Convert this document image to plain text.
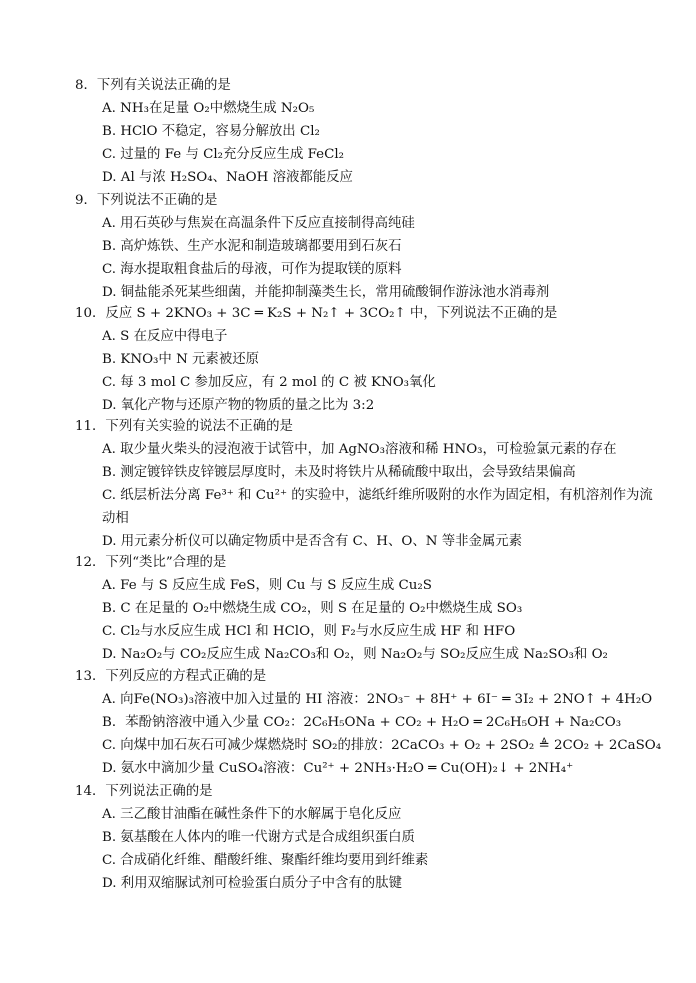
8．下列有关说法正确的是
A. NH₃在足量 O₂中燃烧生成 N₂O₅
B. HClO 不稳定，容易分解放出 Cl₂
C. 过量的 Fe 与 Cl₂充分反应生成 FeCl₂
D. Al 与浓 H₂SO₄、NaOH 溶液都能反应
9．下列说法不正确的是
A. 用石英砂与焦炭在高温条件下反应直接制得高纯硅
B. 高炉炼铁、生产水泥和制造玻璃都要用到石灰石
C. 海水提取粗食盐后的母液，可作为提取镁的原料
D. 铜盐能杀死某些细菌，并能抑制藻类生长，常用硫酸铜作游泳池水消毒剂
10．反应 S + 2KNO₃ + 3C ═ K₂S + N₂↑ + 3CO₂↑ 中，下列说法不正确的是
A. S 在反应中得电子
B. KNO₃中 N 元素被还原
C. 每 3 mol C 参加反应，有 2 mol 的 C 被 KNO₃氧化
D. 氧化产物与还原产物的物质的量之比为 3:2
11．下列有关实验的说法不正确的是
A. 取少量火柴头的浸泡液于试管中，加 AgNO₃溶液和稀 HNO₃，可检验氯元素的存在
B. 测定镀锌铁皮锌镀层厚度时，未及时将铁片从稀硫酸中取出，会导致结果偏高
C. 纸层析法分离 Fe³⁺ 和 Cu²⁺ 的实验中，滤纸纤维所吸附的水作为固定相，有机溶剂作为流动相
D. 用元素分析仪可以确定物质中是否含有 C、H、O、N 等非金属元素
12．下列“类比”合理的是
A. Fe 与 S 反应生成 FeS，则 Cu 与 S 反应生成 Cu₂S
B. C 在足量的 O₂中燃烧生成 CO₂，则 S 在足量的 O₂中燃烧生成 SO₃
C. Cl₂与水反应生成 HCl 和 HClO，则 F₂与水反应生成 HF 和 HFO
D. Na₂O₂与 CO₂反应生成 Na₂CO₃和 O₂，则 Na₂O₂与 SO₂反应生成 Na₂SO₃和 O₂
13．下列反应的方程式正确的是
A. 向Fe(NO₃)₃溶液中加入过量的 HI 溶液：2NO₃⁻ + 8H⁺ + 6I⁻ ═ 3I₂ + 2NO↑ + 4H₂O
B．苯酚钠溶液中通入少量 CO₂：2C₆H₅ONa + CO₂ + H₂O ═ 2C₆H₅OH + Na₂CO₃
C. 向煤中加石灰石可减少煤燃烧时 SO₂的排放：2CaCO₃ + O₂ + 2SO₂ ≜ 2CO₂ + 2CaSO₄
D. 氨水中滴加少量 CuSO₄溶液：Cu²⁺ + 2NH₃·H₂O ═ Cu(OH)₂↓ + 2NH₄⁺
14．下列说法正确的是
A. 三乙酸甘油酯在碱性条件下的水解属于皂化反应
B. 氨基酸在人体内的唯一代谢方式是合成组织蛋白质
C. 合成硝化纤维、醋酸纤维、聚酯纤维均要用到纤维素
D. 利用双缩脲试剂可检验蛋白质分子中含有的肽键
